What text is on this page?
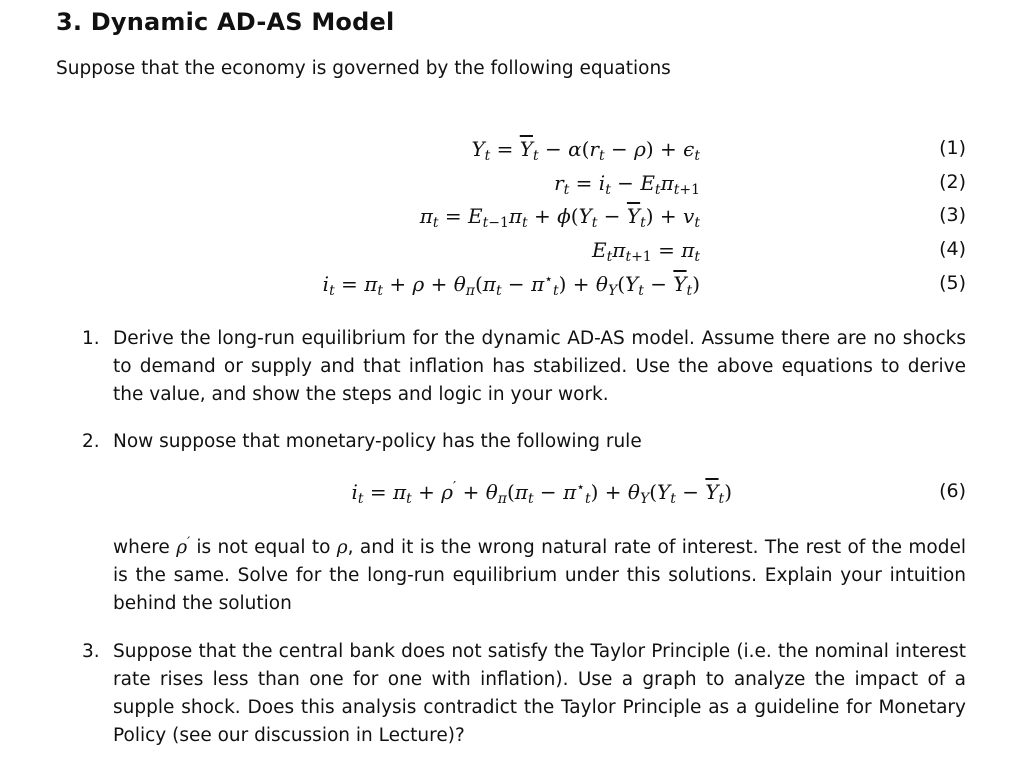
3. Dynamic AD-AS Model
Suppose that the economy is governed by the following equations
$Y_t = \overline{Y}_t - \alpha(r_t - \rho) + \epsilon_t$	(1)
$r_t = i_t - E_t\pi_{t+1}$	(2)
$\pi_t = E_{t-1}\pi_t + \phi(Y_t - \overline{Y}_t) + v_t$	(3)
$E_t\pi_{t+1} = \pi_t$	(4)
$i_t = \pi_t + \rho + \theta_\pi(\pi_t - \pi^⋆_t) + \theta_Y(Y_t - \overline{Y}_t)$	(5)
1. Derive the long-run equilibrium for the dynamic AD-AS model. Assume there are no shocks to demand or supply and that inflation has stabilized. Use the above equations to derive the value, and show the steps and logic in your work.
2. Now suppose that monetary-policy has the following rule
$i_t = \pi_t + \rho' + \theta_\pi(\pi_t - \pi^⋆_t) + \theta_Y(Y_t - \overline{Y}_t)$	(6)
where ρ′ is not equal to ρ, and it is the wrong natural rate of interest. The rest of the model is the same. Solve for the long-run equilibrium under this solutions. Explain your intuition behind the solution
3. Suppose that the central bank does not satisfy the Taylor Principle (i.e. the nominal interest rate rises less than one for one with inflation). Use a graph to analyze the impact of a supple shock. Does this analysis contradict the Taylor Principle as a guideline for Monetary Policy (see our discussion in Lecture)?
